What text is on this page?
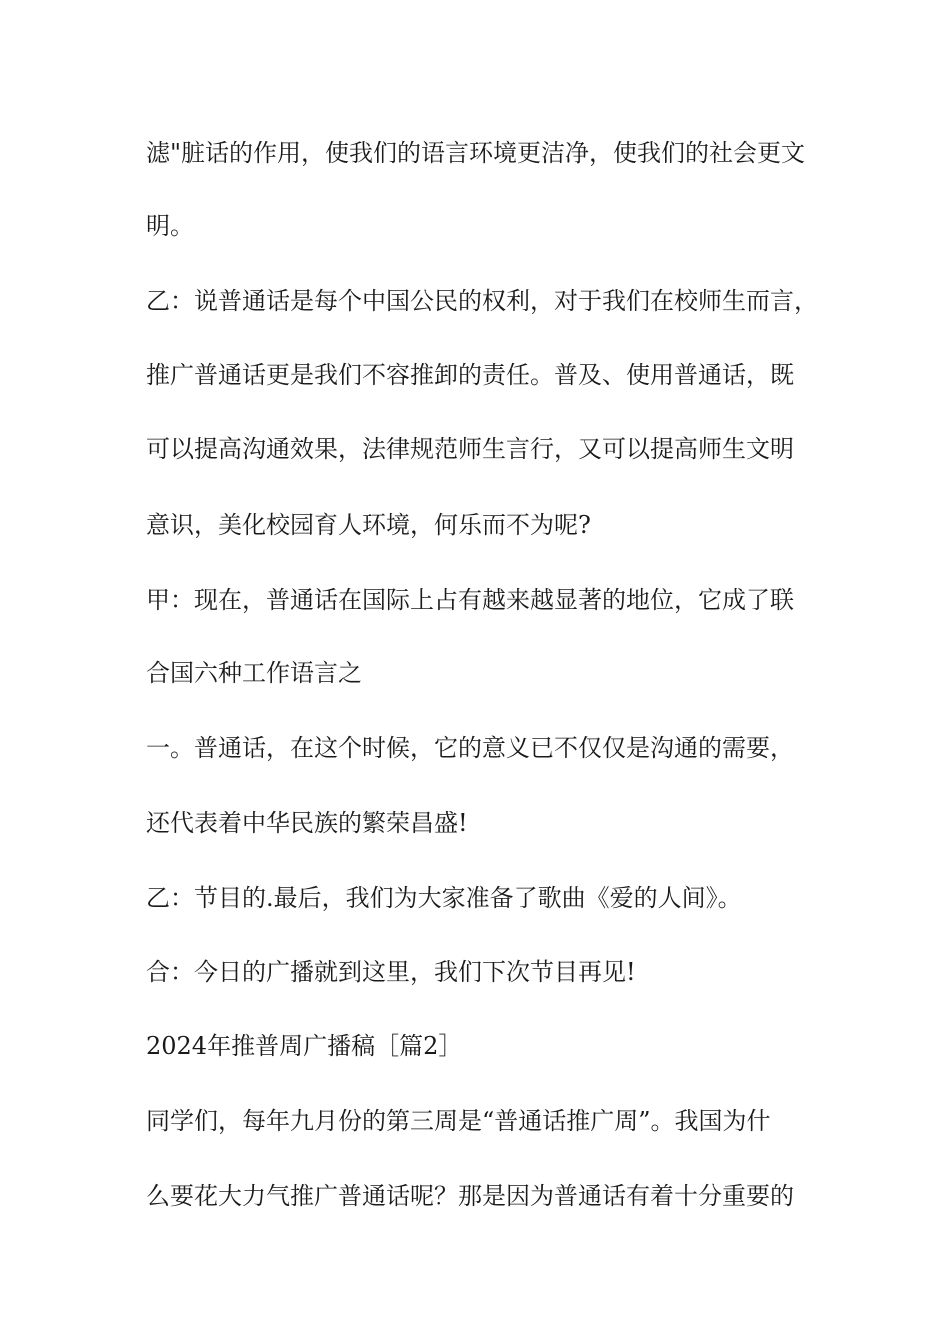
滤"脏话的作用，使我们的语言环境更洁净，使我们的社会更文

明。

乙：说普通话是每个中国公民的权利，对于我们在校师生而言，

推广普通话更是我们不容推卸的责任。普及、使用普通话，既

可以提高沟通效果，法律规范师生言行，又可以提高师生文明

意识，美化校园育人环境，何乐而不为呢?

甲：现在，普通话在国际上占有越来越显著的地位，它成了联

合国六种工作语言之

一。普通话，在这个时候，它的意义已不仅仅是沟通的需要，

还代表着中华民族的繁荣昌盛!

乙：节目的.最后，我们为大家准备了歌曲《爱的人间》。

合：今日的广播就到这里，我们下次节目再见!

2024年推普周广播稿［篇2］

同学们，每年九月份的第三周是“普通话推广周”。我国为什

么要花大力气推广普通话呢？那是因为普通话有着十分重要的
